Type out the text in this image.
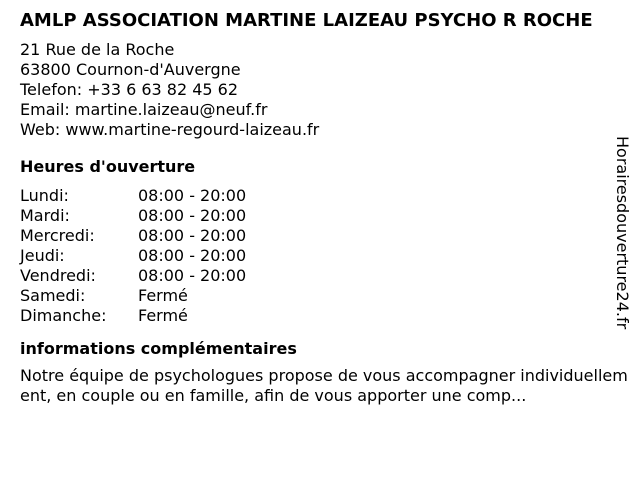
AMLP ASSOCIATION MARTINE LAIZEAU PSYCHO R ROCHE
21 Rue de la Roche
63800 Cournon-d'Auvergne
Telefon: +33 6 63 82 45 62
Email: martine.laizeau@neuf.fr
Web: www.martine-regourd-laizeau.fr
Heures d'ouverture
Lundi:	08:00 - 20:00
Mardi:	08:00 - 20:00
Mercredi:	08:00 - 20:00
Jeudi:	08:00 - 20:00
Vendredi:	08:00 - 20:00
Samedi:	Fermé
Dimanche:	Fermé
informations complémentaires

Notre équipe de psychologues propose de vous accompagner individuellement, en couple ou en famille, afin de vous apporter une comp...

Horairesdouverture24.fr
